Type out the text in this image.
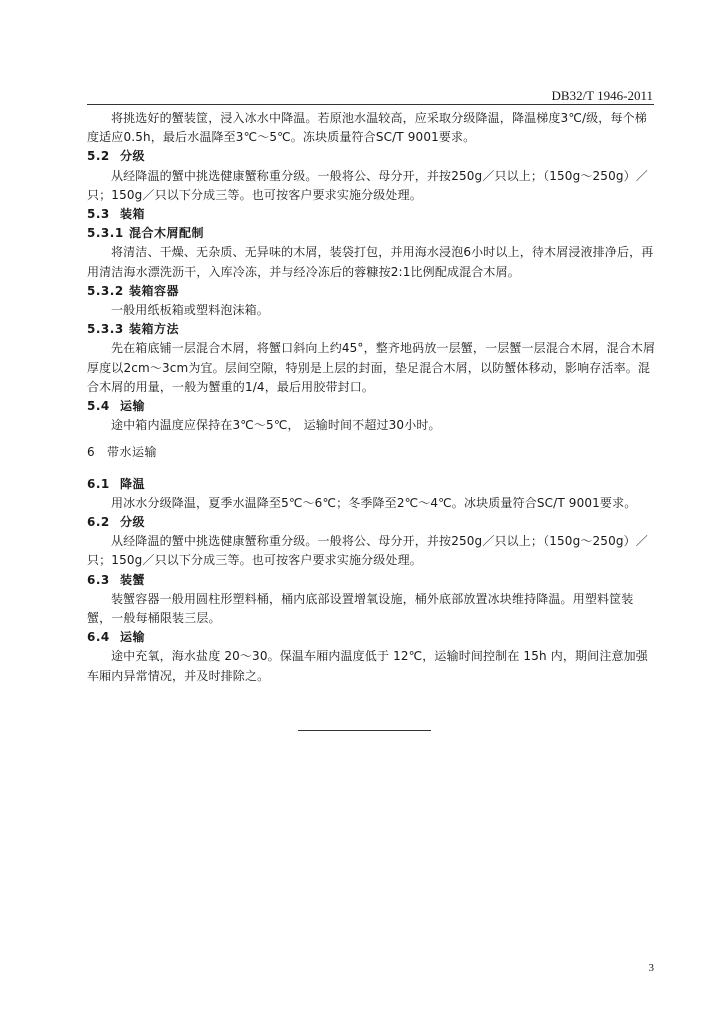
DB32/T 1946-2011

将挑选好的蟹装筐，浸入冰水中降温。若原池水温较高，应采取分级降温，降温梯度3℃/级，每个梯度适应0.5h，最后水温降至3℃～5℃。冻块质量符合SC/T 9001要求。

5.2 分级

从经降温的蟹中挑选健康蟹称重分级。一般将公、母分开，并按250g／只以上；（150g～250g）／只；150g／只以下分成三等。也可按客户要求实施分级处理。

5.3 装箱
5.3.1 混合木屑配制

将清洁、干燥、无杂质、无异味的木屑，装袋打包，并用海水浸泡6小时以上，待木屑浸液排净后，再用清洁海水漂洗沥干，入库冷冻，并与经冷冻后的蓉糠按2:1比例配成混合木屑。

5.3.2 装箱容器

一般用纸板箱或塑料泡沫箱。

5.3.3 装箱方法

先在箱底铺一层混合木屑，将蟹口斜向上约45°，整齐地码放一层蟹，一层蟹一层混合木屑，混合木屑厚度以2cm～3cm为宜。层间空隙，特别是上层的封面，垫足混合木屑，以防蟹体移动，影响存活率。混合木屑的用量，一般为蟹重的1/4，最后用胶带封口。

5.4 运输

途中箱内温度应保持在3℃～5℃， 运输时间不超过30小时。

6 带水运输
6.1 降温

用冰水分级降温，夏季水温降至5℃～6℃；冬季降至2℃～4℃。冰块质量符合SC/T 9001要求。

6.2 分级

从经降温的蟹中挑选健康蟹称重分级。一般将公、母分开，并按250g／只以上；（150g～250g）／只；150g／只以下分成三等。也可按客户要求实施分级处理。

6.3 装蟹

装蟹容器一般用圆柱形塑料桶，桶内底部设置增氧设施，桶外底部放置冰块维持降温。用塑料筐装蟹，一般每桶限装三层。

6.4 运输

途中充氧，海水盐度 20～30。保温车厢内温度低于 12℃，运输时间控制在 15h 内，期间注意加强车厢内异常情况，并及时排除之。

3
